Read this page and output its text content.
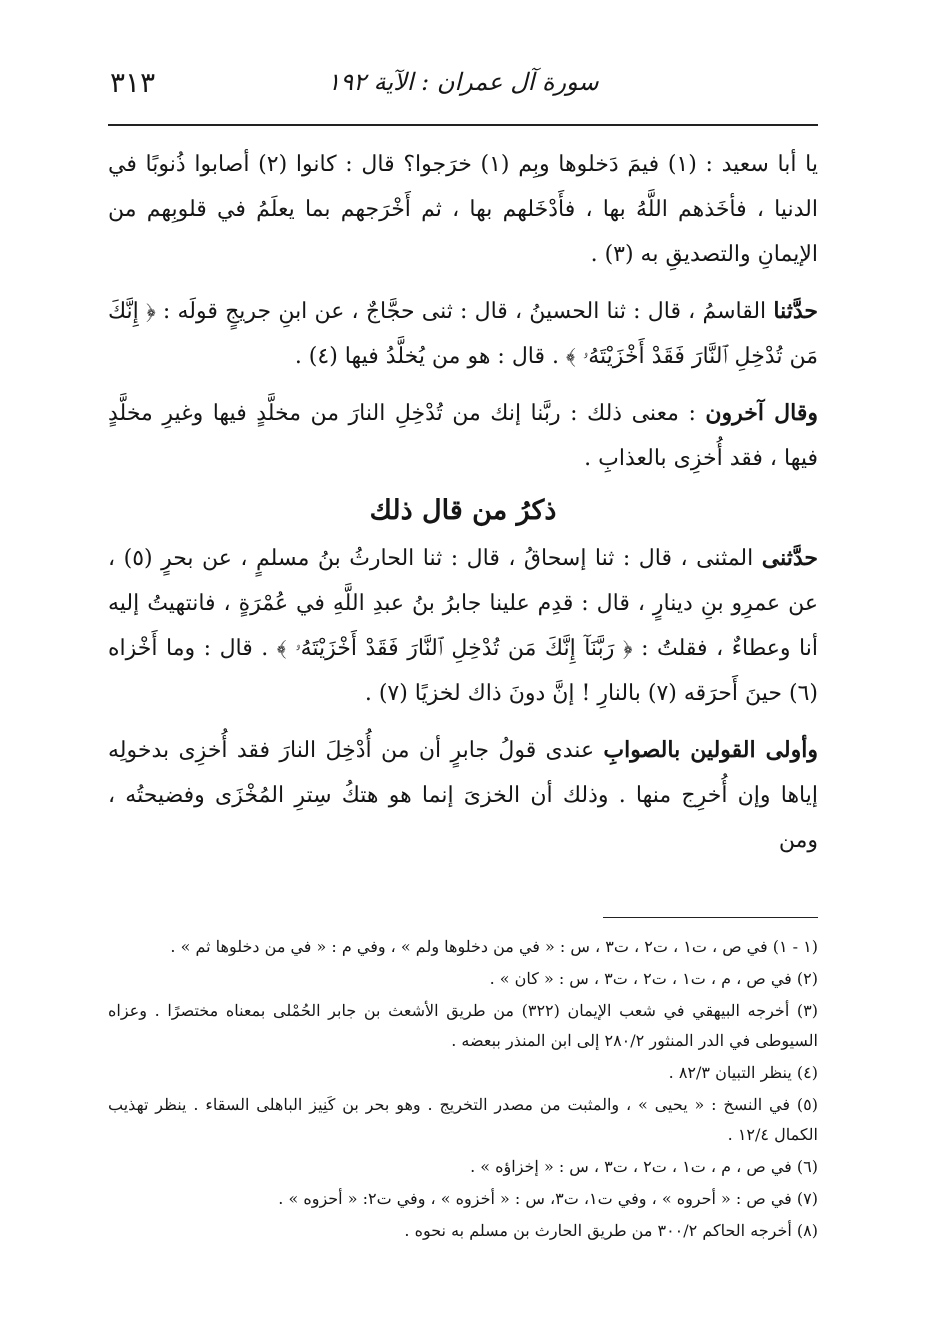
٣١٣	سورة آل عمران : الآية ١٩٢

يا أبا سعيد : (١) فيمَ دَخلوها وبِم (١) خرَجوا؟ قال : كانوا (٢) أصابوا ذُنوبًا في الدنيا ، فأخَذهم اللَّهُ بها ، فأَدْخَلهم بها ، ثم أَخْرَجهم بما يعلَمُ في قلوبِهم من الإيمانِ والتصديقِ به (٣) .

حدَّثنا القاسمُ ، قال : ثنا الحسينُ ، قال : ثنى حجَّاجٌ ، عن ابنِ جريجٍ قولَه : ﴿ إِنَّكَ مَن تُدْخِلِ ٱلنَّارَ فَقَدْ أَخْزَيْتَهُۥ ﴾ . قال : هو من يُخلَّدُ فيها (٤) .

وقال آخرون : معنى ذلك : ربَّنا إنك من تُدْخِلِ النارَ من مخلَّدٍ فيها وغيرِ مخلَّدٍ فيها ، فقد أُخزِى بالعذابِ .

ذكرُ من قال ذلك

حدَّثنى المثنى ، قال : ثنا إسحاقُ ، قال : ثنا الحارثُ بنُ مسلمٍ ، عن بحرٍ (٥) ، عن عمرِو بنِ دينارٍ ، قال : قدِم علينا جابرُ بنُ عبدِ اللَّهِ في عُمْرَةٍ ، فانتهيتُ إليه أنا وعطاءٌ ، فقلتُ : ﴿ رَبَّنَآ إِنَّكَ مَن تُدْخِلِ ٱلنَّارَ فَقَدْ أَخْزَيْتَهُۥ ﴾ . قال : وما أَخْزاه (٦) حينَ أَحرَقه (٧) بالنارِ ! إنَّ دونَ ذاك لخزيًا (٧) .

وأولى القولين بالصوابِ عندى قولُ جابرٍ أن من أُدْخِلَ النارَ فقد أُخزِى بدخولِه إياها وإن أُخرِج منها . وذلك أن الخزىَ إنما هو هتكُ سِترِ المُخْزَى وفضيحتُه ، ومن

(١ - ١) في ص ، ت١ ، ت٢ ، ت٣ ، س : « في من دخلوها ولم » ، وفي م : « في من دخلوها ثم » .

(٢) في ص ، م ، ت١ ، ت٢ ، ت٣ ، س : « كان » .

(٣) أخرجه البيهقي في شعب الإيمان (٣٢٢) من طريق الأشعث بن جابر الحُمْلى بمعناه مختصرًا . وعزاه السيوطى في الدر المنثور ٢٨٠/٢ إلى ابن المنذر ببعضه .

(٤) ينظر التبيان ٨٢/٣ .

(٥) في النسخ : « يحيى » ، والمثبت من مصدر التخريج . وهو بحر بن كَنِيز الباهلى السقاء . ينظر تهذيب الكمال ١٢/٤ .

(٦) في ص ، م ، ت١ ، ت٢ ، ت٣ ، س : « إخزاؤه » .

(٧) في ص : « أحروه » ، وفي ت١، ت٣، س : « أخزوه » ، وفي ت٢: « أحزوه » .

(٨) أخرجه الحاكم ٣٠٠/٢ من طريق الحارث بن مسلم به نحوه .
